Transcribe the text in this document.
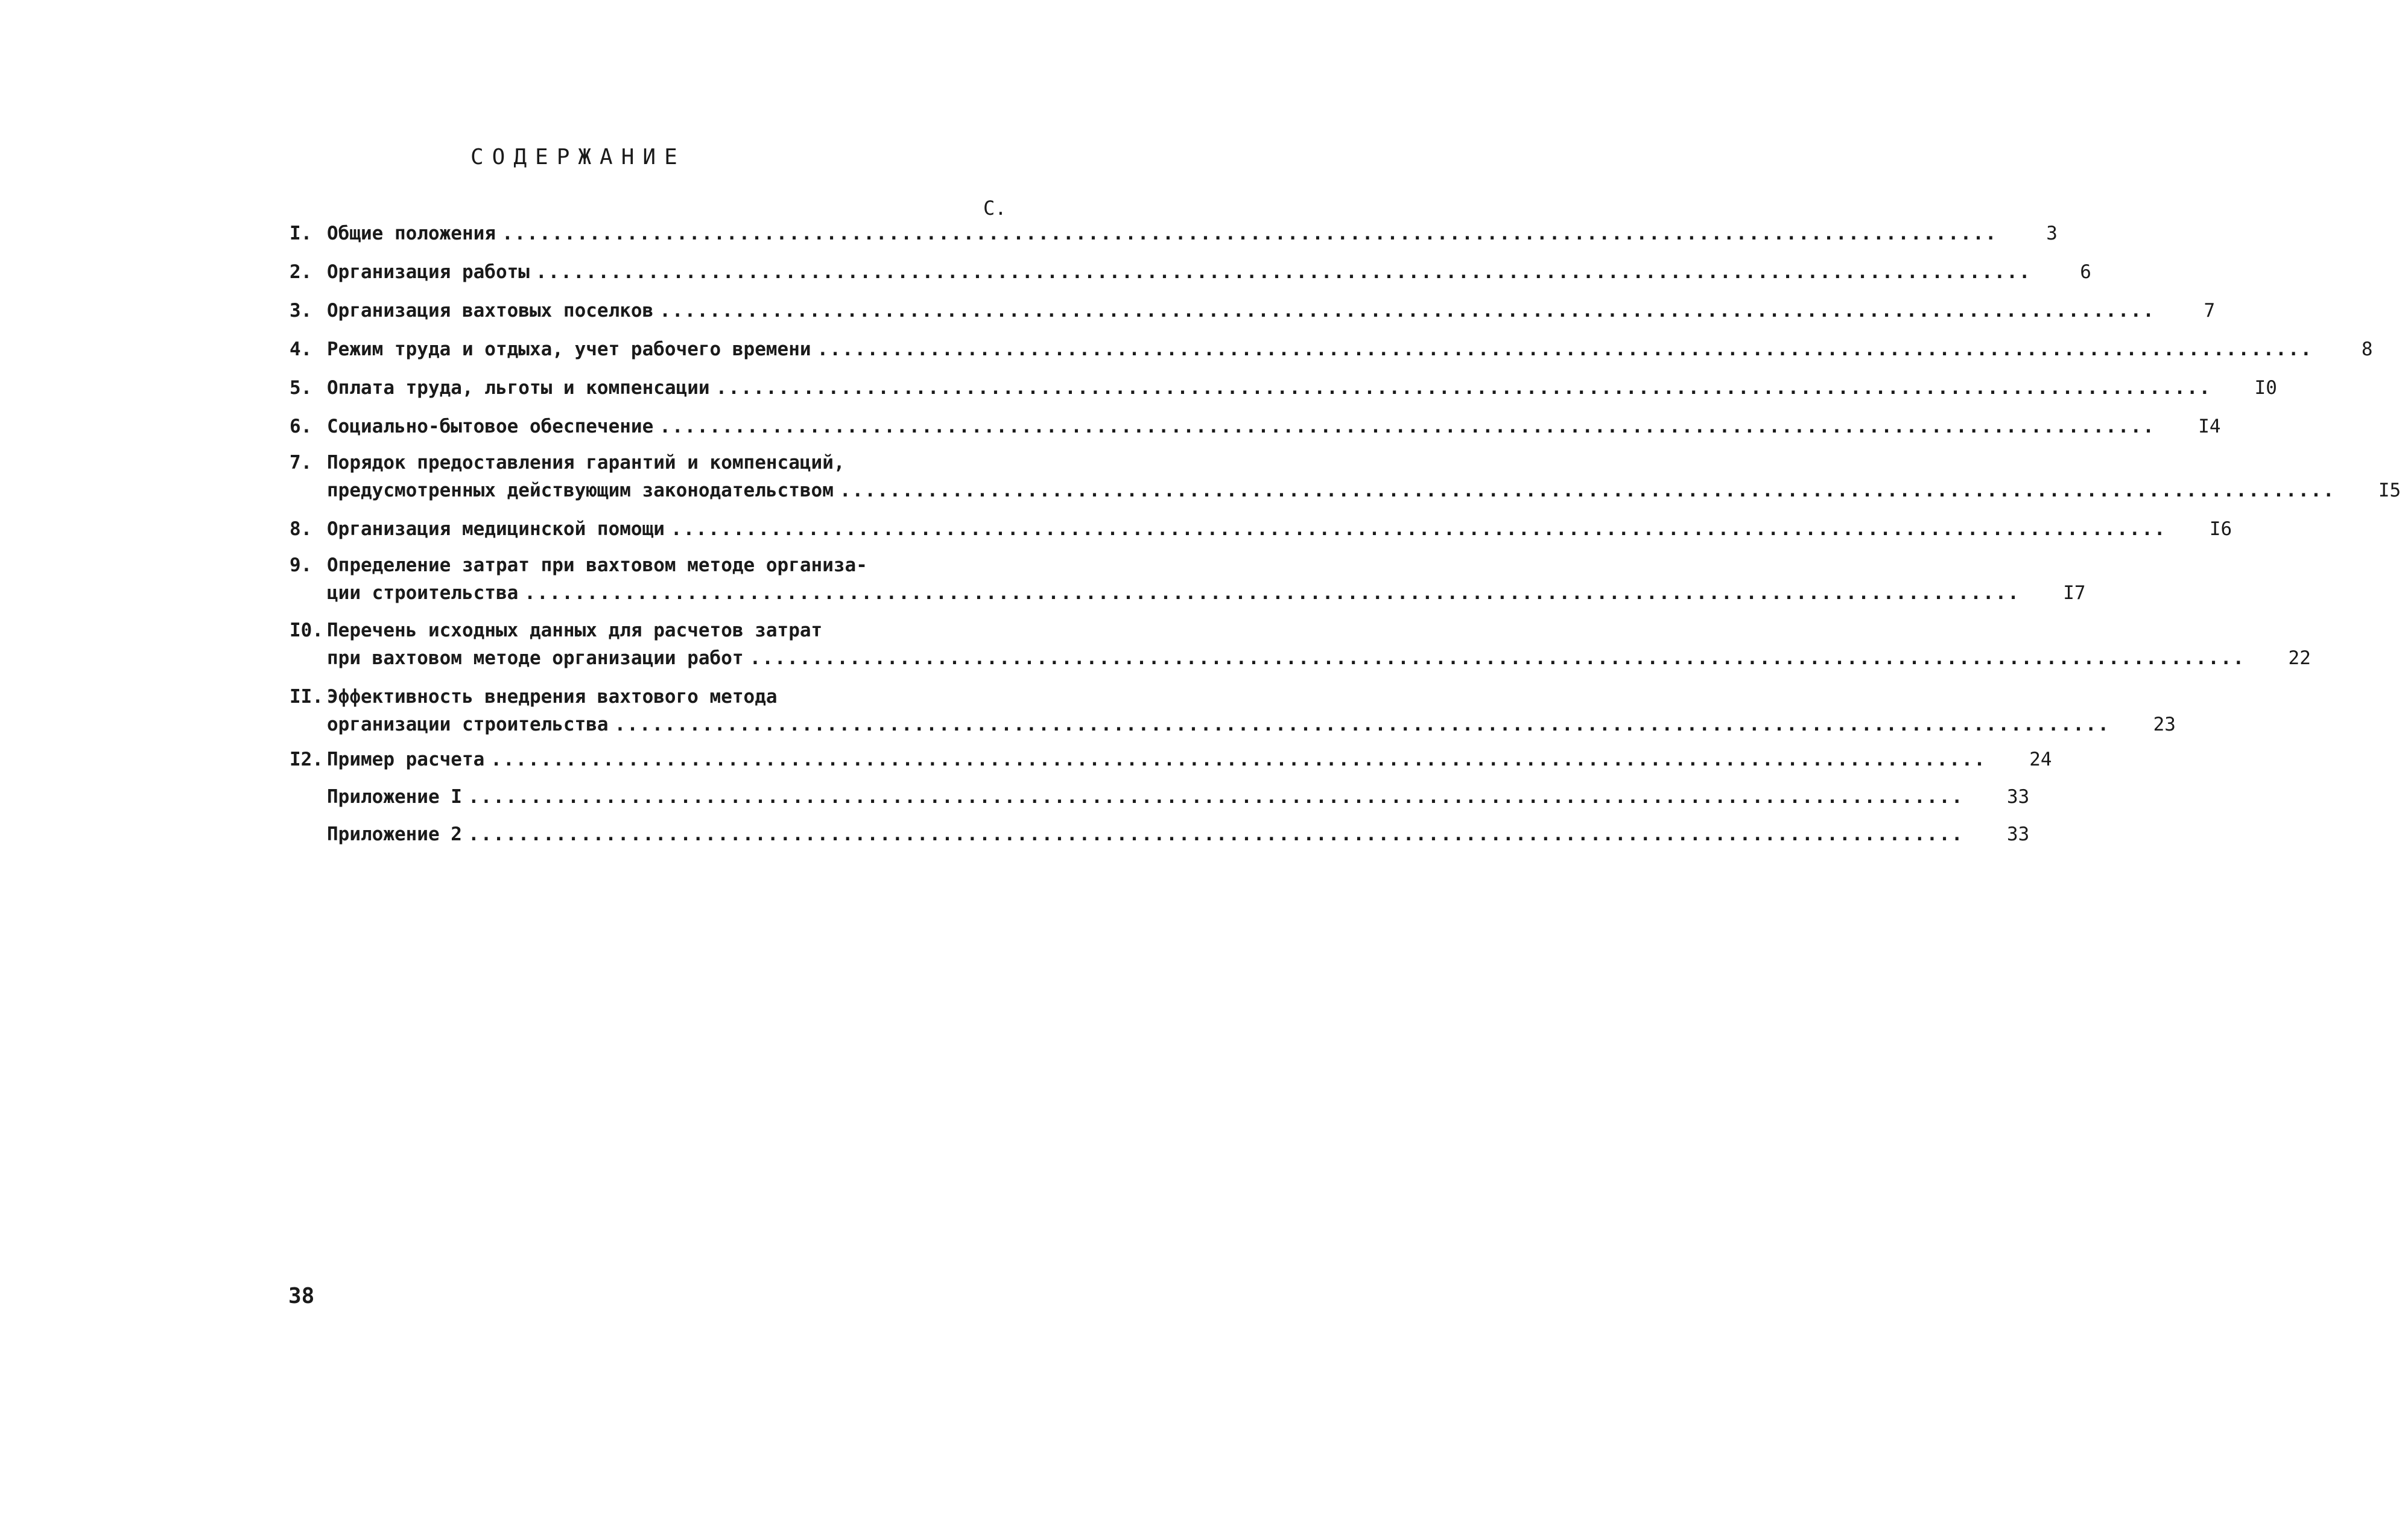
СОДЕРЖАНИЕ
С.
I. Общие положения ........................................................................................................................	3
2. Организация работы ........................................................................................................................	6
3. Организация вахтовых поселков ........................................................................................................................	7
4. Режим труда и отдыха, учет рабочего времени ........................................................................................................................	8
5. Оплата труда, льготы и компенсации ........................................................................................................................	I0
6. Социально-бытовое обеспечение ........................................................................................................................	I4
7. Порядок предоставления гарантий и компенсаций,
предусмотренных действующим законодательством ........................................................................................................................	I5
8. Организация медицинской помощи ........................................................................................................................	I6
9. Определение затрат при вахтовом методе организа-
ции строительства ........................................................................................................................	I7
I0. Перечень исходных данных для расчетов затрат
при вахтовом методе организации работ ........................................................................................................................	22
II. Эффективность внедрения вахтового метода
организации строительства ........................................................................................................................	23
I2. Пример расчета ........................................................................................................................	24
Приложение I ........................................................................................................................	33
Приложение 2 ........................................................................................................................	33
38
